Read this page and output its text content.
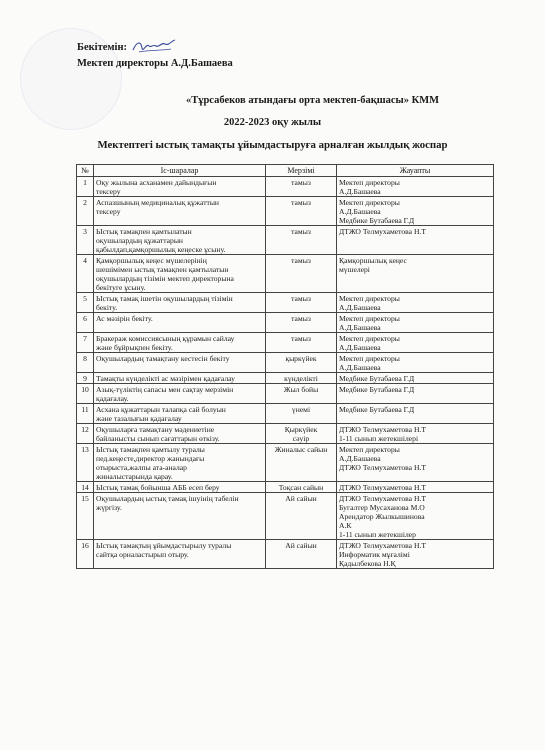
Бекітемін:
Мектеп директоры А.Д.Башаева
«Тұрсабеков атындағы орта мектеп-бақшасы» КММ
2022-2023 оқу жылы
Мектептегі ыстық тамақты ұйымдастыруға арналған жылдық жоспар
№	Іс-шаралар	Мерзімі	Жауапты
1	Оқу жылына асханамен дайындығын
тексеру	тамыз	Мектеп директоры
А.Д.Башаева

2	Аспазшының медициналық құжаттын
тексеру	тамыз	Мектеп директоры
А.Д.Башаева
Медбике Бутабаева Г.Д

3	Ыстық тамақпен қамтылатын
оқушылардың құжаттарын
қабылдап,қамқоршылық кеңеске ұсыну.	тамыз	ДТЖО Телмухаметова Н.Т

4	Қамқоршылық кеңес мүшелерінің
шешімімен ыстық тамақпен қамтылатын
оқушылардың тізімін мектеп директорына
бекітуге ұсыну.	тамыз	Қамқоршылық кеңес
мүшелері

5	Ыстық тамақ ішетін оқушылардың тізімін
бекіту.	тамыз	Мектеп директоры
А.Д.Башаева

6	Ас мәзірін бекіту.	тамыз	Мектеп директоры
А.Д.Башаева

7	Бракераж комиссиясының құрамын сайлау
және бұйрықпен бекіту.	тамыз	Мектеп директоры
А.Д.Башаева

8	Оқушылардың тамақтану кестесін бекіту	қыркүйек	Мектеп директоры
А.Д.Башаева

9	Тамақты күнделікті ас мәзірімен қадағалау	күнделікті	Медбике Бутабаева Г.Д

10	Азық-түліктің сапасы мен сақтау мерзімін
қадағалау.	Жыл бойы	Медбике Бутабаева Г.Д

11	Асхана құжаттарын талапқа сай болуын
және тазалығын қадағалау	үнемі	Медбике Бутабаева Г.Д

12	Оқушыларға тамақтану мәдениетіне
байланысты сынып сағаттарын өткізу.	Қыркүйек
сәуір	ДТЖО Телмухаметова Н.Т
1-11 сынып жетекшілері

13	Ыстық тамақпен қамтылу туралы
пед.кеңесте,директор жанындағы
отырыста,жалпы ата-аналар
жиналыстарында қарау.	Жиналыс сайын	Мектеп директоры
А.Д.Башаева
ДТЖО Телмухаметова Н.Т

14	Ыстық тамақ бойынша АББ есеп беру	Тоқсан сайын	ДТЖО Телмухаметова Н.Т

15	Оқушылардың ыстық тамақ ішуінің табелін
жүргізу.	Ай сайын	ДТЖО Телмухаметова Н.Т
Бугалтер Мусаханова М.О
Арендатор Жылкышинова
А.К
1-11 сынып жетекшілер

16	Ыстық тамақтың ұйымдастырылу туралы
сайтқа орналастырып отыру.	Ай сайын	ДТЖО Телмухаметова Н.Т
Информатик мұғалімі
Қадылбекова Н.Қ
